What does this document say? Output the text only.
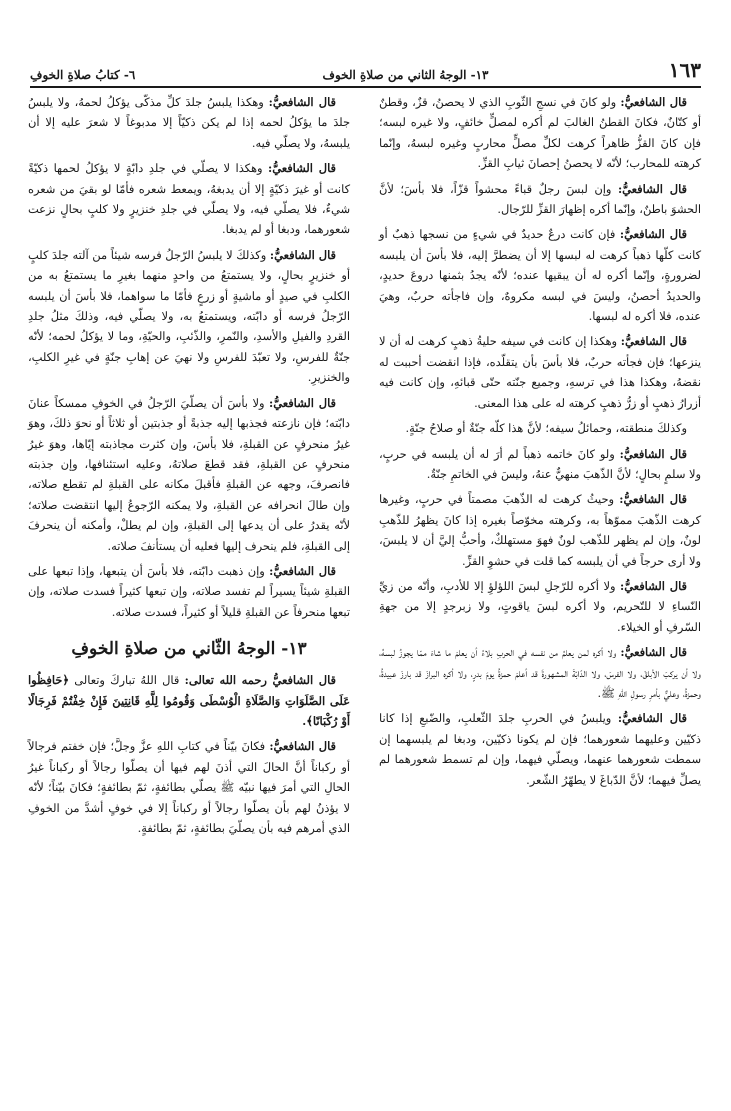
١٦٣
١٣- الوجهُ الثاني من صلاةِ الخوف
٦- كتابُ صلاةِ الخوفِ

قال الشافعيُّ: ولو كانَ في نسجِ الثّوبِ الذي لا يحصنُ، قزٌ، وقطنٌ أو كتّانٌ، فكانَ القطنُ الغالبَ لم أكره لمصلٍّ خائفٍ، ولا غيره لبسه؛ فإن كانَ القزُّ ظاهراً كرهت لكلِّ مصلٍّ محاربٍ وغيره لبسهُ، وإنّما كرهته للمحارب؛ لأنّه لا يحصنُ إحصانَ ثيابِ القزِّ.

قال الشافعيُّ: وإن لبسَ رجلٌ قباءً محشواً قزّاً، فلا بأسَ؛ لأنَّ الحشوَ باطنٌ، وإنّما أكره إظهارَ القزِّ للرّجال.

قال الشافعيُّ: فإن كانت درعٌ حديدٌ في شيءٍ من نسجها ذهبٌ أو كانت كلّها ذهباً كرهت له لبسها إلا أن يضطرَّ إليه، فلا بأسَ أن يلبسه لضرورةٍ، وإنّما أكره له أن يبقيها عنده؛ لأنّه يجدُ بثمنها دروعَ حديدٍ، والحديدُ أحصنُ، وليسَ في لبسه مكروهٌ، وإن فاجأته حربٌ، وهيَ عنده، فلا أكره له لبسها.

قال الشافعيُّ: وهكذا إن كانت في سيفه حليةُ ذهبٍ كرهت له أن لا ينزعها؛ فإن فجأته حربٌ، فلا بأسَ بأن يتقلّده، فإذا انقضت أحببت له نقضهُ، وهكذا هذا في ترسهِ، وجميع جنّته حتّى قبائهِ، وإن كانت فيه أزرارُ ذهبٍ أو زرُّ ذهبٍ كرهته له على هذا المعنى.

وكذلكَ منطقته، وحمائلُ سيفه؛ لأنَّ هذا كلّه جنّةٌ أو صلاحُ جنّةٍ.

قال الشافعيُّ: ولو كانَ خاتمه ذهباً لم أرَ له أن يلبسه في حربٍ، ولا سلمٍ بحالٍ؛ لأنَّ الذّهبَ منهيٌّ عنهُ، وليسَ في الخاتمِ جنّةٌ.

قال الشافعيُّ: وحيثُ كرهت له الذّهبَ مصمتاً في حربٍ، وغيرها كرهت الذّهبَ مموّهاً به، وكرهته مخوّصاً بغيره إذا كانَ يظهرُ للذّهبِ لونٌ، وإن لم يظهر للذّهب لونٌ فهوَ مستهلكٌ، وأحبُّ إليَّ أن لا يلبسَ، ولا أرى حرجاً في أن يلبسه كما قلت في حشوِ القزِّ.

قال الشافعيُّ: ولا أكره للرّجلِ لبسَ اللؤلؤِ إلا للأدبِ، وأنّه من زيِّ النّساءِ لا للتّحريم، ولا أكره لبسَ ياقوتٍ، ولا زبرجدٍ إلا من جهةِ السّرفِ أو الخيلاء.

قال الشافعيُّ: ولا أكره لمن يعلمُ من نفسه في الحربِ بلاءً أن يعلمَ ما شاءَ ممّا يجوزُ لبسهُ، ولا أن يركبَ الأبلقَ، ولا الفرسَ، ولا الدّابّةَ المشهورةَ قد أعلمَ حمزةُ يومَ بدرٍ، ولا أكره البرازَ قد بارزَ عبيدةُ، وحمزةُ، وعليٌّ بأمرِ رسولِ اللهِ ﷺ.

قال الشافعيُّ: ويلبسُ في الحربِ جلدَ الثّعلبِ، والضّبعِ إذا كانا ذكيّين وعليهما شعورهما؛ فإن لم يكونا ذكيّين، ودبغا لم يلبسهما إن سمطت شعورهما عنهما، ويصلّي فيهما، وإن لم تسمط شعورهما لم يصلِّ فيهما؛ لأنَّ الدّباغَ لا يطهّرُ الشّعر.

قال الشافعيُّ: وهكذا يلبسُ جلدَ كلِّ مذكّى يؤكلُ لحمهُ، ولا يلبسُ جلدَ ما يؤكلُ لحمه إذا لم يكن ذكيّاً إلا مدبوغاً لا شعرَ عليه إلا أن يلبسهُ، ولا يصلّي فيه.

قال الشافعيُّ: وهكذا لا يصلّي في جلدِ دابّةٍ لا يؤكلُ لحمها ذكيّةً كانت أو غيرَ ذكيّةٍ إلا أن يدبغهُ، ويمعط شعره فأمّا لو بقيَ من شعره شيءٌ، فلا يصلّي فيه، ولا يصلّي في جلدِ خنزيرٍ ولا كلبٍ بحالٍ نزعت شعورهما، ودبغا أو لم يدبغا.

قال الشافعيُّ: وكذلكَ لا يلبسُ الرّجلُ فرسه شيئاً من آلته جلدَ كلبٍ أو خنزيرٍ بحالٍ، ولا يستمتعُ من واحدٍ منهما بغيرِ ما يستمتعُ به من الكلبِ في صيدٍ أو ماشيةٍ أو زرعٍ فأمّا ما سواهما، فلا بأسَ أن يلبسه الرّجلُ فرسه أو دابّته، ويستمتعُ به، ولا يصلّي فيه، وذلكَ مثلُ جلدِ القردِ والفيلِ والأسدِ، والنّمرِ، والذّئبِ، والحيّةِ، وما لا يؤكلُ لحمه؛ لأنّه جنّةٌ للفرسِ، ولا تعبّدَ للفرسِ ولا نهيَ عن إهابِ جنّةٍ في غيرِ الكلبِ، والخنزيرِ.

قال الشافعيُّ: ولا بأسَ أن يصلّيَ الرّجلُ في الخوفِ ممسكاً عنانَ دابّته؛ فإن نازعته فجذبها إليه جذبةً أو جذبتين أو ثلاثاً أو نحوَ ذلكَ، وهوَ غيرُ منحرفٍ عن القبلةِ، فلا بأسَ، وإن كثرت مجاذبته إيّاها، وهوَ غيرُ منحرفٍ عن القبلةِ، فقد قطعَ صلاتهُ، وعليه استئنافها، وإن جذبته فانصرفَ، وجهه عن القبلةِ فأقبلَ مكانه على القبلةِ لم تقطع صلاته، وإن طالَ انحرافه عن القبلةِ، ولا يمكنه الرّجوعُ إليها انتقضت صلاته؛ لأنّه يقدرُ على أن يدعها إلى القبلةِ، وإن لم يطلْ، وأمكنه أن ينحرفَ إلى القبلةِ، فلم ينحرف إليها فعليه أن يستأنفَ صلاته.

قال الشافعيُّ: وإن ذهبت دابّته، فلا بأسَ أن يتبعها، وإذا تبعها على القبلةِ شيئاً يسيراً لم تفسد صلاته، وإن تبعها كثيراً فسدت صلاته، وإن تبعها منحرفاً عن القبلةِ قليلاً أو كثيراً، فسدت صلاته.

١٣- الوجهُ الثّاني من صلاةِ الخوفِ

قال الشافعيُّ رحمه الله تعالى: قال اللهُ تباركَ وتعالى ﴿حَافِظُوا عَلَى الصَّلَوَاتِ وَالصَّلَاةِ الْوُسْطَى وَقُومُوا لِلَّهِ قَانِتِينَ فَإِنْ خِفْتُمْ فَرِجَالًا أَوْ رُكْبَانًا﴾.

قال الشافعيُّ: فكانَ بيّناً في كتابِ اللهِ عزَّ وجلَّ؛ فإن خفتم فرجالاً أو ركباناً أنَّ الحالَ التي أذنَ لهم فيها أن يصلّوا رجالاً أو ركباناً غيرُ الحالِ التي أمرَ فيها نبيّه ﷺ يصلّي بطائفةٍ، ثمّ بطائفةٍ؛ فكانَ بيّناً؛ لأنّه لا يؤذنُ لهم بأن يصلّوا رجالاً أو ركباناً إلا في خوفٍ أشدَّ من الخوفِ الذي أمرهم فيه بأن يصلّيَ بطائفةٍ، ثمّ بطائفةٍ.
